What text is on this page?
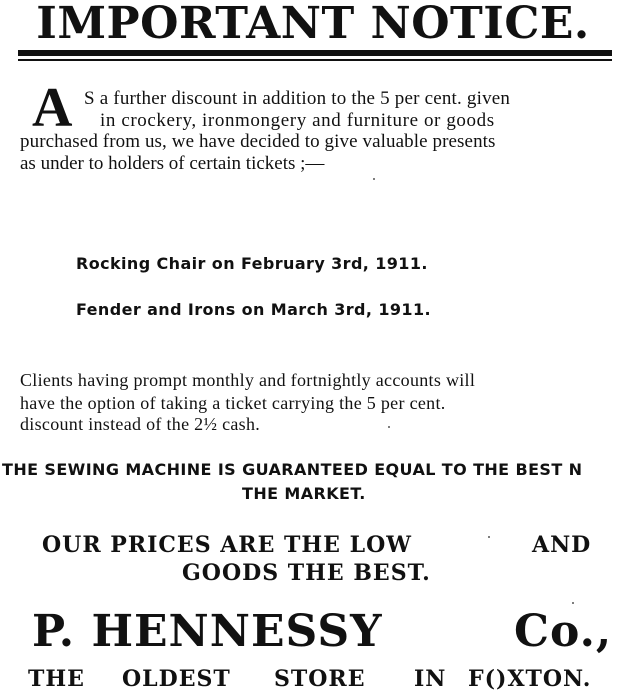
IMPORTANT NOTICE.
A S a further discount in addition to the 5 per cent. given
in crockery, ironmongery and furniture or goods
purchased from us, we have decided to give valuable presents
as under to holders of certain tickets ;—
Rocking Chair on February 3rd, 1911.
Fender and Irons on March 3rd, 1911.
Clients having prompt monthly and fortnightly accounts will
have the option of taking a ticket carrying the 5 per cent.
discount instead of the 2½ cash.
THE SEWING MACHINE IS GUARANTEED EQUAL TO THE BEST N
THE MARKET.
OUR PRICES ARE THE LOW	AND
GOODS THE BEST.
P. HENNESSY	Co.,
THE OLDEST STORE IN F()XTON.
